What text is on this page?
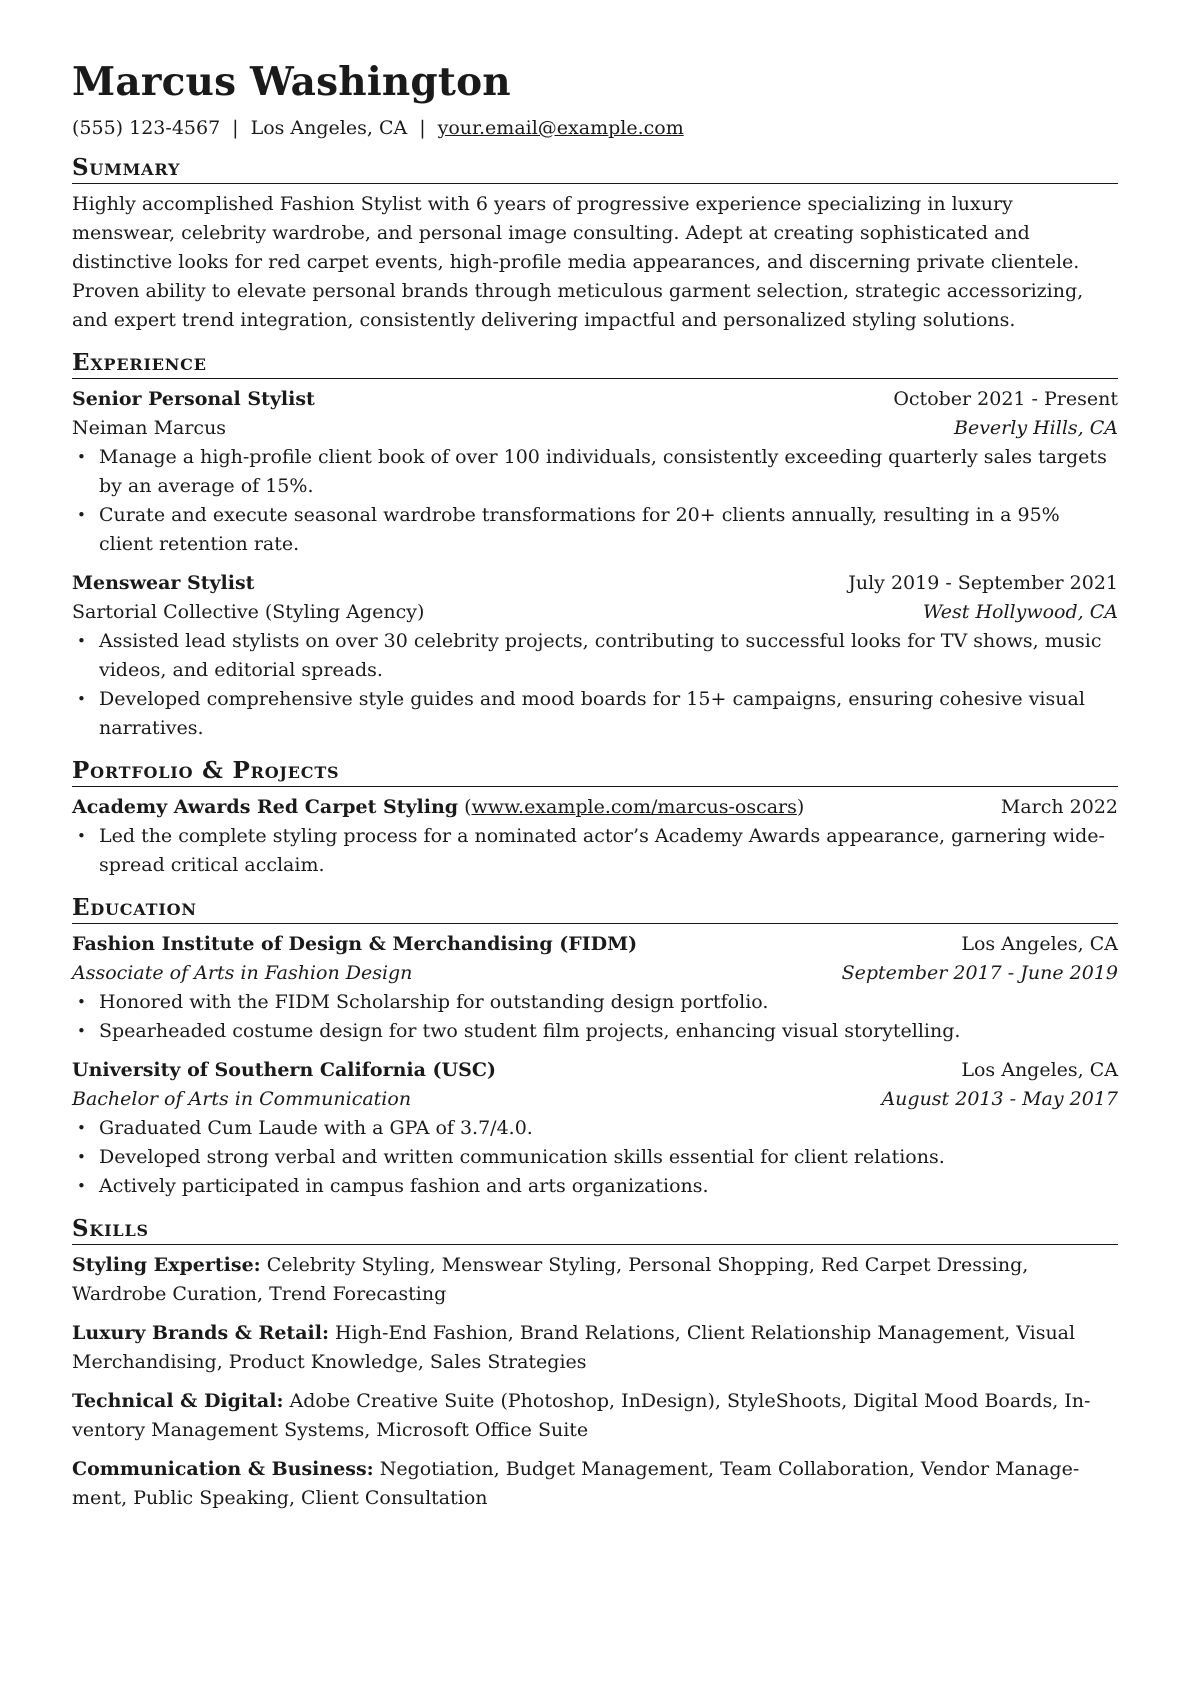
Marcus Washington
(555) 123-4567 | Los Angeles, CA | your.email@example.com
Summary
Highly accomplished Fashion Stylist with 6 years of progressive experience specializing in luxury menswear, celebrity wardrobe, and personal image consulting. Adept at creating sophisticated and distinctive looks for red carpet events, high-profile media appearances, and discerning private clientele. Proven ability to elevate personal brands through meticulous garment selection, strategic accessorizing, and expert trend integration, consistently delivering impactful and personalized styling solutions.
Experience
Senior Personal Stylist	October 2021 - Present
Neiman Marcus	Beverly Hills, CA
• Manage a high-profile client book of over 100 individuals, consistently exceeding quarterly sales targets by an average of 15%.
• Curate and execute seasonal wardrobe transformations for 20+ clients annually, resulting in a 95% client retention rate.
Menswear Stylist	July 2019 - September 2021
Sartorial Collective (Styling Agency)	West Hollywood, CA
• Assisted lead stylists on over 30 celebrity projects, contributing to successful looks for TV shows, music videos, and editorial spreads.
• Developed comprehensive style guides and mood boards for 15+ campaigns, ensuring cohesive visual narratives.
Portfolio & Projects
Academy Awards Red Carpet Styling (www.example.com/marcus-oscars)	March 2022
• Led the complete styling process for a nominated actor’s Academy Awards appearance, garnering widespread critical acclaim.
Education
Fashion Institute of Design & Merchandising (FIDM)	Los Angeles, CA
Associate of Arts in Fashion Design	September 2017 - June 2019
• Honored with the FIDM Scholarship for outstanding design portfolio.
• Spearheaded costume design for two student film projects, enhancing visual storytelling.
University of Southern California (USC)	Los Angeles, CA
Bachelor of Arts in Communication	August 2013 - May 2017
• Graduated Cum Laude with a GPA of 3.7/4.0.
• Developed strong verbal and written communication skills essential for client relations.
• Actively participated in campus fashion and arts organizations.
Skills
Styling Expertise: Celebrity Styling, Menswear Styling, Personal Shopping, Red Carpet Dressing, Wardrobe Curation, Trend Forecasting
Luxury Brands & Retail: High-End Fashion, Brand Relations, Client Relationship Management, Visual Merchandising, Product Knowledge, Sales Strategies
Technical & Digital: Adobe Creative Suite (Photoshop, InDesign), StyleShoots, Digital Mood Boards, Inventory Management Systems, Microsoft Office Suite
Communication & Business: Negotiation, Budget Management, Team Collaboration, Vendor Management, Public Speaking, Client Consultation
